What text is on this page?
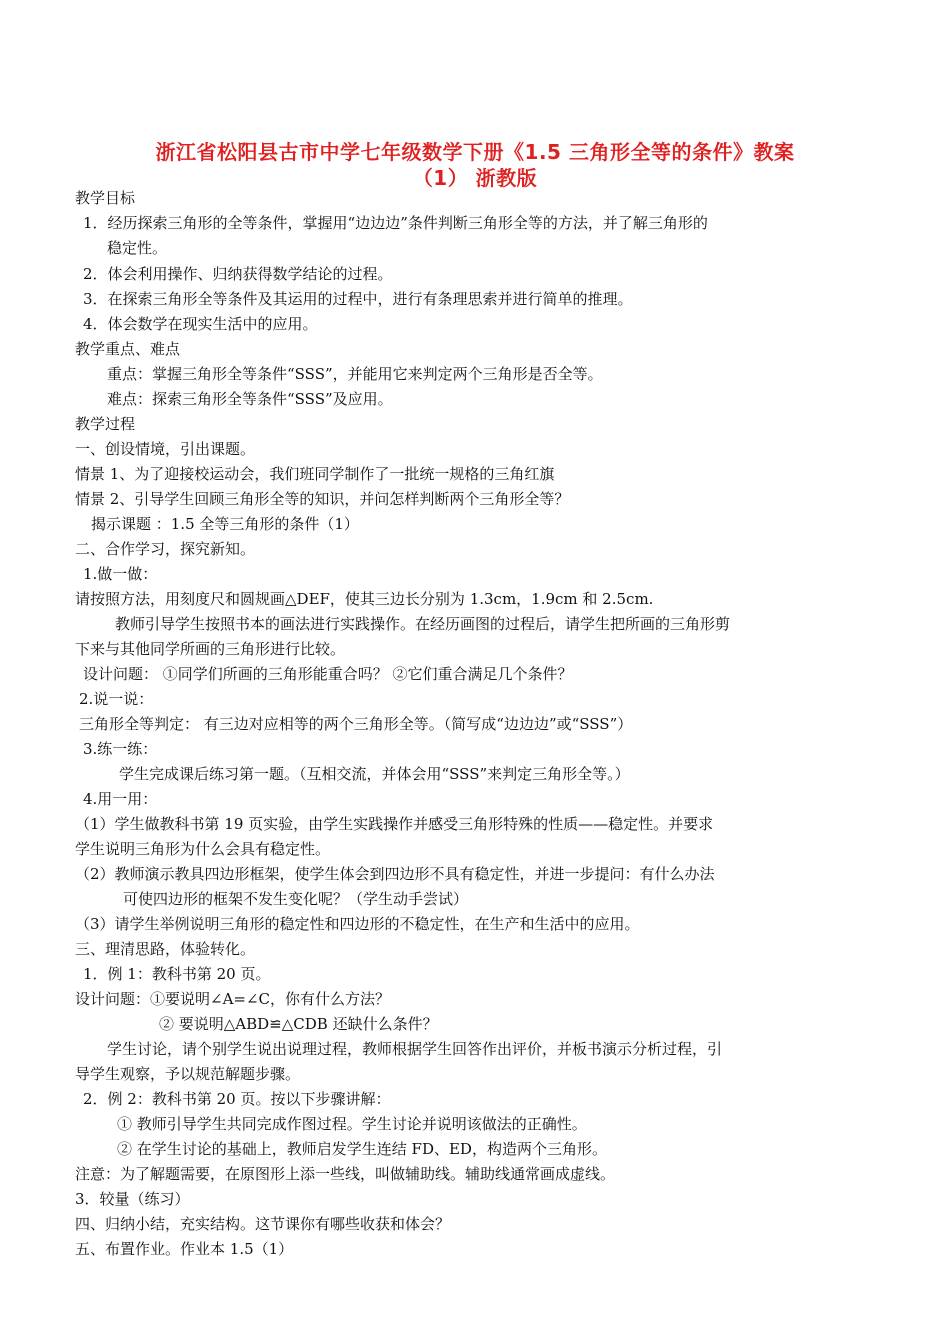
浙江省松阳县古市中学七年级数学下册《1.5 三角形全等的条件》教案
（1） 浙教版
教学目标
1．经历探索三角形的全等条件，掌握用“边边边”条件判断三角形全等的方法，并了解三角形的
稳定性。
2．体会利用操作、归纳获得数学结论的过程。
3．在探索三角形全等条件及其运用的过程中，进行有条理思索并进行简单的推理。
4．体会数学在现实生活中的应用。
教学重点、难点
重点：掌握三角形全等条件“SSS”，并能用它来判定两个三角形是否全等。
难点：探索三角形全等条件“SSS”及应用。
教学过程
一、创设情境，引出课题。
情景 1、为了迎接校运动会，我们班同学制作了一批统一规格的三角红旗
情景 2、引导学生回顾三角形全等的知识，并问怎样判断两个三角形全等？
揭示课题 ：1.5 全等三角形的条件（1）
二、合作学习，探究新知。
1.做一做：
请按照方法，用刻度尺和圆规画△DEF，使其三边长分别为 1.3cm，1.9cm 和 2.5cm.
教师引导学生按照书本的画法进行实践操作。在经历画图的过程后，请学生把所画的三角形剪
下来与其他同学所画的三角形进行比较。
设计问题： ①同学们所画的三角形能重合吗？ ②它们重合满足几个条件？
2.说一说：
三角形全等判定： 有三边对应相等的两个三角形全等。（简写成“边边边”或“SSS”）
3.练一练：
学生完成课后练习第一题。（互相交流，并体会用“SSS”来判定三角形全等。）
4.用一用：
（1）学生做教科书第 19 页实验，由学生实践操作并感受三角形特殊的性质——稳定性。并要求
学生说明三角形为什么会具有稳定性。
（2）教师演示教具四边形框架，使学生体会到四边形不具有稳定性，并进一步提问：有什么办法
可使四边形的框架不发生变化呢？（学生动手尝试）
（3）请学生举例说明三角形的稳定性和四边形的不稳定性，在生产和生活中的应用。
三、理清思路，体验转化。
1．例 1：教科书第 20 页。
设计问题：①要说明∠A=∠C，你有什么方法？
② 要说明△ABD≌△CDB 还缺什么条件？
学生讨论，请个别学生说出说理过程，教师根据学生回答作出评价，并板书演示分析过程，引
导学生观察，予以规范解题步骤。
2．例 2：教科书第 20 页。按以下步骤讲解：
① 教师引导学生共同完成作图过程。学生讨论并说明该做法的正确性。
② 在学生讨论的基础上，教师启发学生连结 FD、ED，构造两个三角形。
注意：为了解题需要，在原图形上添一些线，叫做辅助线。辅助线通常画成虚线。
3．较量（练习）
四、归纳小结，充实结构。这节课你有哪些收获和体会？
五、布置作业。作业本 1.5（1）
